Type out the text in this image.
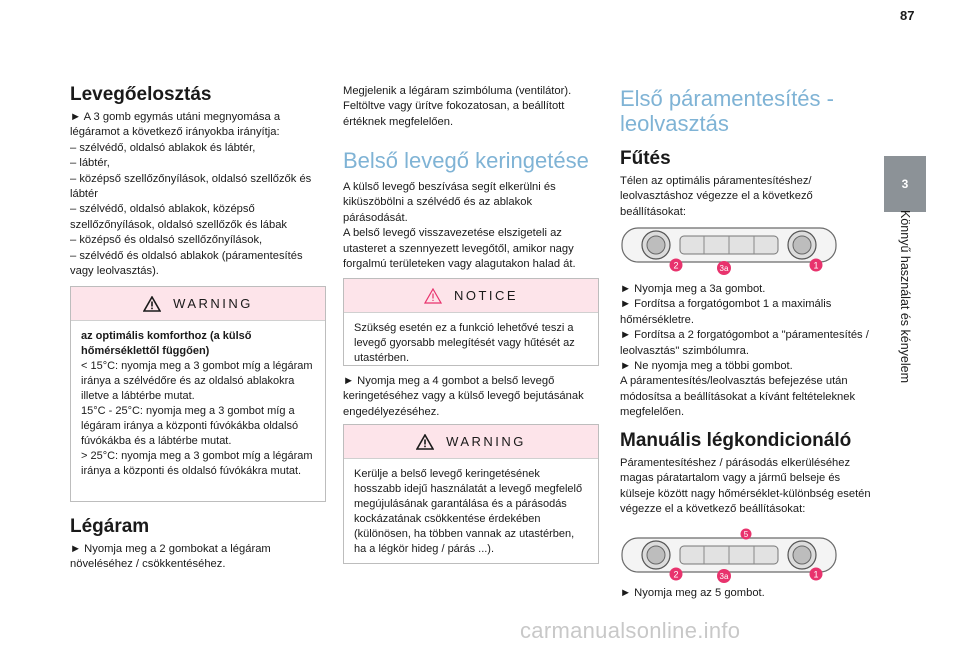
87
Levegőelosztás

► A 3 gomb egymás utáni megnyomása a légáramot a következő irányokba irányítja:
– szélvédő, oldalsó ablakok és lábtér,
– lábtér,
– középső szellőzőnyílások, oldalsó szellőzők és lábtér
– szélvédő, oldalsó ablakok, középső szellőzőnyílások, oldalsó szellőzők és lábak
– középső és oldalsó szellőzőnyílások,
– szélvédő és oldalsó ablakok (páramentesítés vagy leolvasztás).

WARNING

az optimális komforthoz (a külső hőmérséklettől függően)

< 15°C: nyomja meg a 3 gombot míg a légáram iránya a szélvédőre és az oldalsó ablakokra illetve a lábtérbe mutat.
15°C - 25°C: nyomja meg a 3 gombot míg a légáram iránya a központi fúvókákba oldalsó fúvókákba és a lábtérbe mutat.
> 25°C: nyomja meg a 3 gombot míg a légáram iránya a központi és oldalsó fúvókákra mutat.

Légáram

► Nyomja meg a 2 gombokat a légáram növeléséhez / csökkentéséhez.

Megjelenik a légáram szimbóluma (ventilátor). Feltöltve vagy ürítve fokozatosan, a beállított értéknek megfelelően.

Belső levegő keringetése

A külső levegő beszívása segít elkerülni és kiküszöbölni a szélvédő és az ablakok párásodását.
A belső levegő visszavezetése elszigeteli az utasteret a szennyezett levegőtől, amikor nagy forgalmú területeken vagy alagutakon halad át.

NOTICE

Szükség esetén ez a funkció lehetővé teszi a levegő gyorsabb melegítését vagy hűtését az utastérben.

► Nyomja meg a 4 gombot a belső levegő keringetéséhez vagy a külső levegő bejutásának engedélyezéséhez.

WARNING

Kerülje a belső levegő keringetésének hosszabb idejű használatát a levegő megfelelő megújulásának garantálása és a párásodás kockázatának csökkentése érdekében (különösen, ha többen vannak az utastérben, ha a légkör hideg / párás ...).

Első páramentesítés - leolvasztás
Fűtés

Télen az optimális páramentesítéshez/ leolvasztáshoz végezze el a következő beállításokat:

2	3a	1

► Nyomja meg a 3a gombot.
► Fordítsa a forgatógombot 1 a maximális hőmérsékletre.
► Fordítsa a 2 forgatógombot a "páramentesítés / leolvasztás" szimbólumra.
► Ne nyomja meg a többi gombot.
A páramentesítés/leolvasztás befejezése után módosítsa a beállításokat a kívánt feltételeknek megfelelően.

Manuális légkondicionáló

Páramentesítéshez / párásodás elkerüléséhez magas páratartalom vagy a jármű belseje és külseje között nagy hőmérséklet-különbség esetén végezze el a következő beállításokat:

5
2	3a	1

► Nyomja meg az 5 gombot.

3
Könnyű használat és kényelem
carmanualsonline.info
